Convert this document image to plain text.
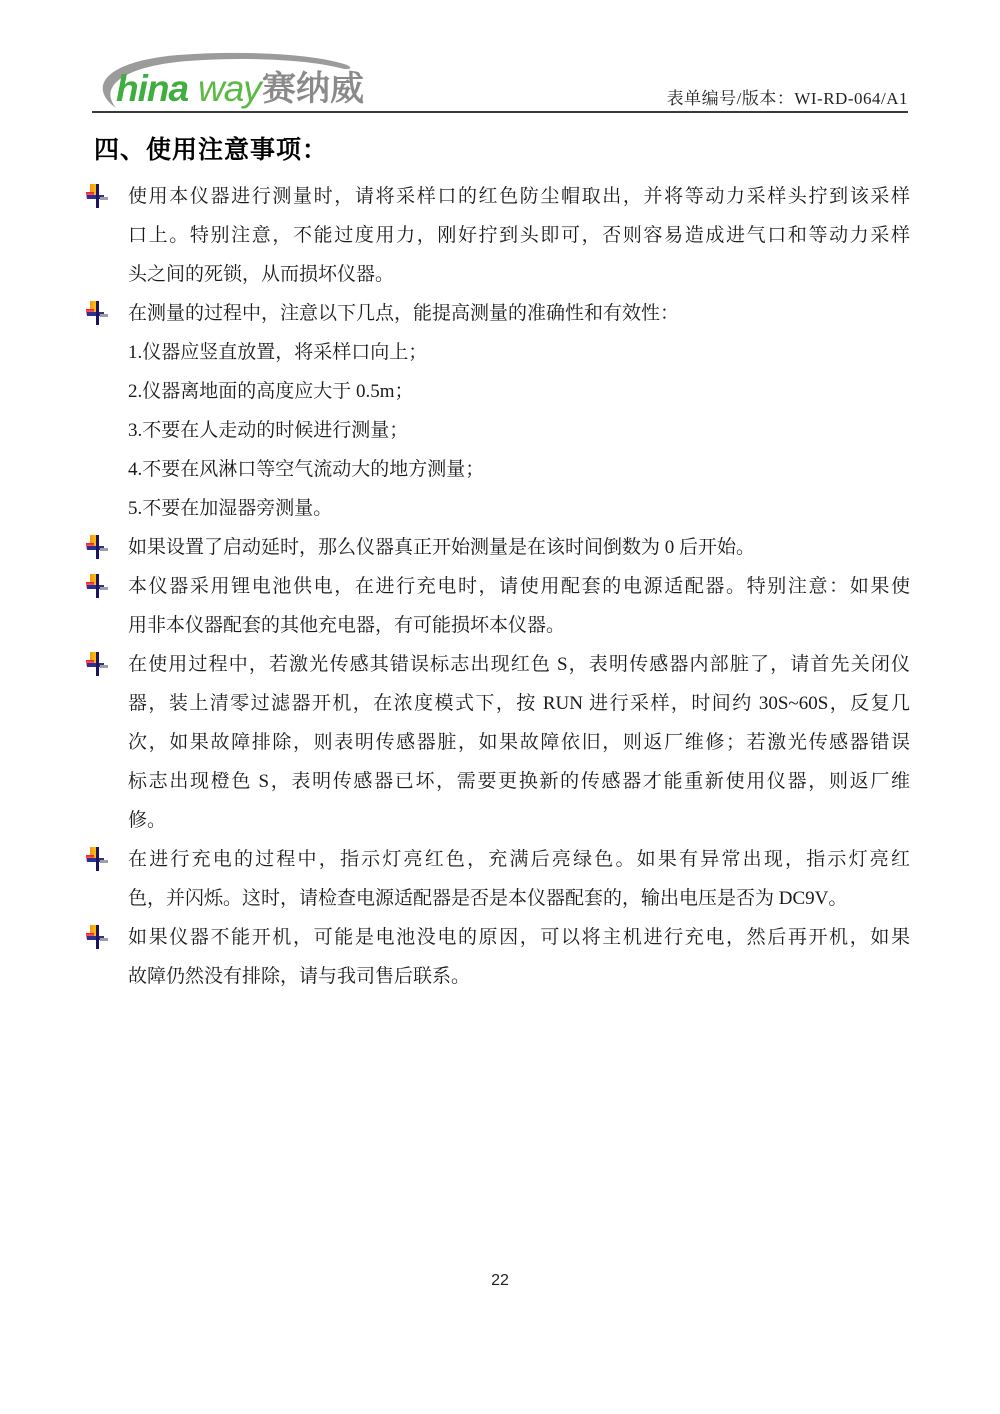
hina way 赛纳威	表单编号/版本：WI-RD-064/A1
四、使用注意事项：
使用本仪器进行测量时，请将采样口的红色防尘帽取出，并将等动力采样头拧到该采样
口上。特别注意，不能过度用力，刚好拧到头即可，否则容易造成进气口和等动力采样
头之间的死锁，从而损坏仪器。
在测量的过程中，注意以下几点，能提高测量的准确性和有效性：
1.仪器应竖直放置，将采样口向上；
2.仪器离地面的高度应大于 0.5m；
3.不要在人走动的时候进行测量；
4.不要在风淋口等空气流动大的地方测量；
5.不要在加湿器旁测量。
如果设置了启动延时，那么仪器真正开始测量是在该时间倒数为 0 后开始。
本仪器采用锂电池供电，在进行充电时，请使用配套的电源适配器。特别注意：如果使
用非本仪器配套的其他充电器，有可能损坏本仪器。
在使用过程中，若激光传感其错误标志出现红色 S，表明传感器内部脏了，请首先关闭仪
器，装上清零过滤器开机，在浓度模式下，按 RUN 进行采样，时间约 30S~60S，反复几
次，如果故障排除，则表明传感器脏，如果故障依旧，则返厂维修；若激光传感器错误
标志出现橙色 S，表明传感器已坏，需要更换新的传感器才能重新使用仪器，则返厂维
修。
在进行充电的过程中，指示灯亮红色，充满后亮绿色。如果有异常出现，指示灯亮红
色，并闪烁。这时，请检查电源适配器是否是本仪器配套的，输出电压是否为 DC9V。
如果仪器不能开机，可能是电池没电的原因，可以将主机进行充电，然后再开机，如果
故障仍然没有排除，请与我司售后联系。
22
